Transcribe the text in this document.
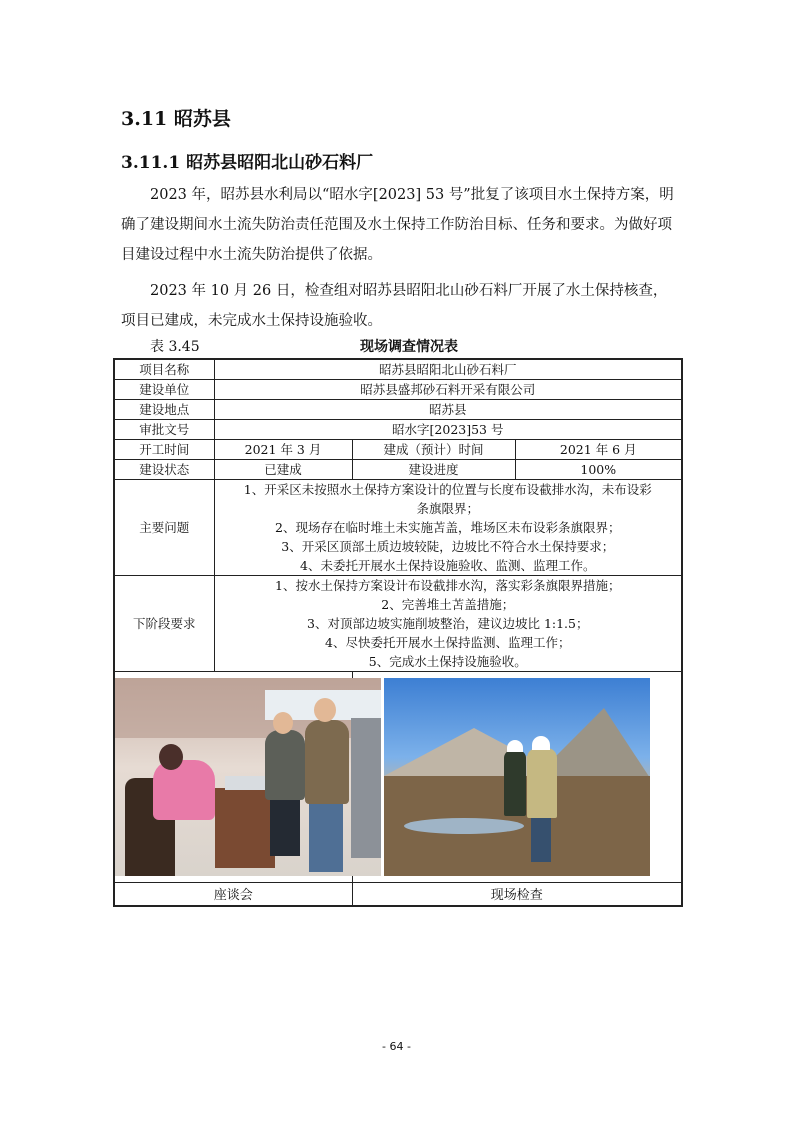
3.11 昭苏县
3.11.1 昭苏县昭阳北山砂石料厂
2023 年，昭苏县水利局以“昭水字[2023] 53 号”批复了该项目水土保持方案，明确了建设期间水土流失防治责任范围及水土保持工作防治目标、任务和要求。为做好项目建设过程中水土流失防治提供了依据。
2023 年 10 月 26 日，检查组对昭苏县昭阳北山砂石料厂开展了水土保持核查，项目已建成，未完成水土保持设施验收。
表 3.45	现场调查情况表
项目名称	昭苏县昭阳北山砂石料厂		
建设单位	昭苏县盛邦砂石料开采有限公司		
建设地点	昭苏县		
审批文号	昭水字[2023]53 号		
开工时间	2021 年 3 月	建成（预计）时间	2021 年 6 月
建设状态	已建成	建设进度	100%
主要问题	1、开采区未按照水土保持方案设计的位置与长度布设截排水沟，未布设彩
条旗限界；
2、现场存在临时堆土未实施苫盖，堆场区未布设彩条旗限界；
3、开采区顶部土质边坡较陡，边坡比不符合水土保持要求；
4、未委托开展水土保持设施验收、监测、监理工作。		

下阶段要求	1、按水土保持方案设计布设截排水沟，落实彩条旗限界措施；
2、完善堆土苫盖措施；
3、对顶部边坡实施削坡整治，建议边坡比 1:1.5；
4、尽快委托开展水土保持监测、监理工作；
5、完成水土保持设施验收。		

座谈会		现场检查	
- 64 -
